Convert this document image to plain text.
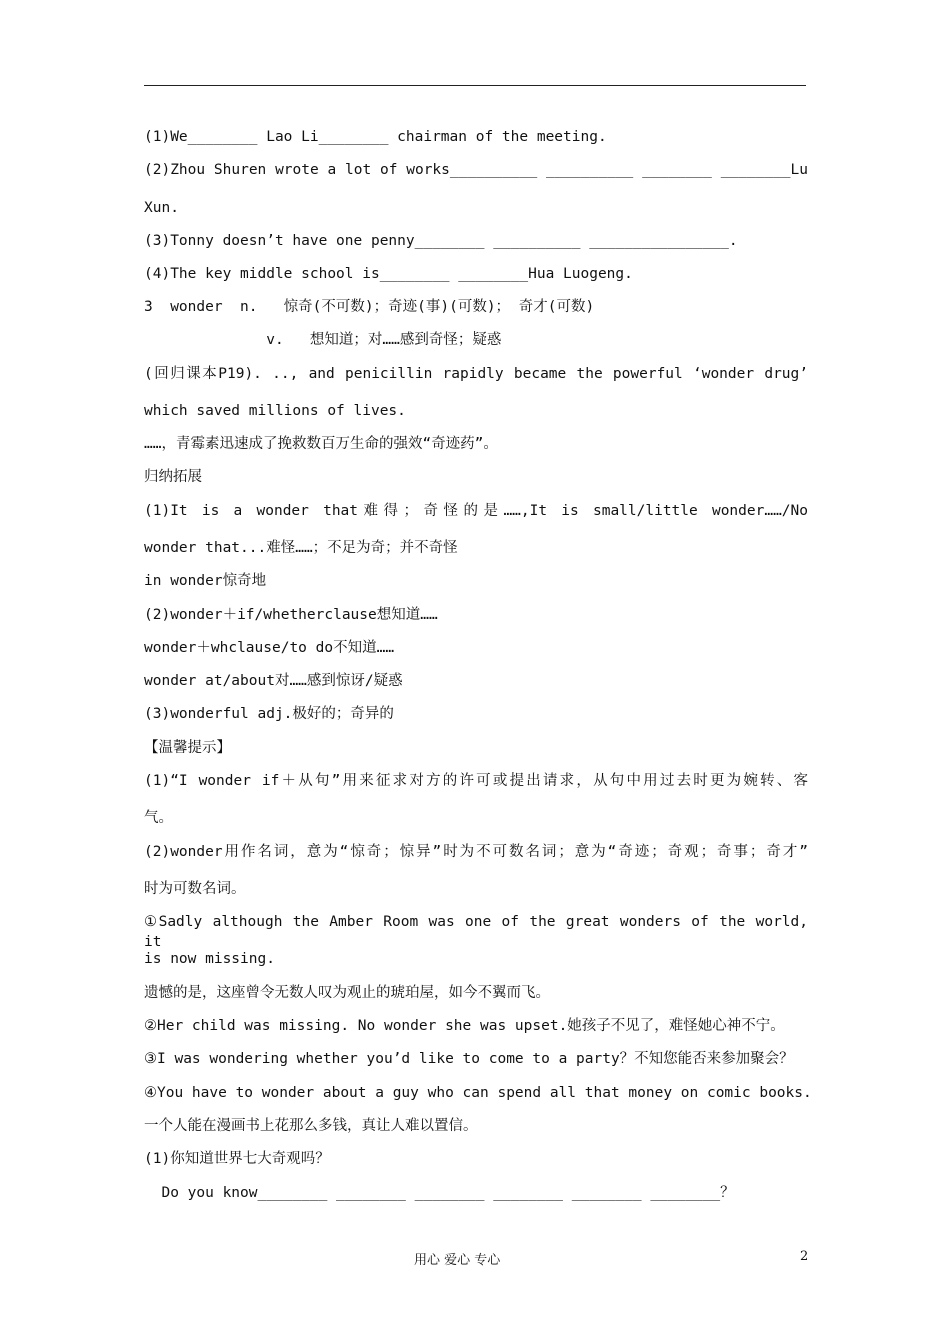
(1)We________ Lao Li________ chairman of the meeting.
(2)Zhou Shuren wrote a lot of works__________ __________ ________ ________Lu
Xun.
(3)Tonny doesn’t have one penny________ __________ ________________.
(4)The key middle school is________ ________Hua Luogeng.
3  wonder  n.   惊奇(不可数)；奇迹(事)(可数)； 奇才(可数)
v.   想知道；对……感到奇怪；疑惑
(回归课本P19). .., and penicillin rapidly became the powerful ‘wonder drug’
which saved millions of lives.
……，青霉素迅速成了挽救数百万生命的强效“奇迹药”。
归纳拓展
(1)It is a wonder that难得；奇怪的是……,It is small/little wonder……/No
wonder that...难怪……；不足为奇；并不奇怪
in wonder惊奇地
(2)wonder＋if/whetherclause想知道……
wonder＋whclause/to do不知道……
wonder at/about对……感到惊讶/疑惑
(3)wonderful adj.极好的；奇异的
【温馨提示】
(1)“I wonder if＋从句”用来征求对方的许可或提出请求，从句中用过去时更为婉转、客
气。
(2)wonder用作名词，意为“惊奇；惊异”时为不可数名词；意为“奇迹；奇观；奇事；奇才”
时为可数名词。
①Sadly although the Amber Room was one of the great wonders of the world, it
is now missing.
遗憾的是，这座曾令无数人叹为观止的琥珀屋，如今不翼而飞。
②Her child was missing. No wonder she was upset.她孩子不见了，难怪她心神不宁。
③I was wondering whether you’d like to come to a party？不知您能否来参加聚会？
④You have to wonder about a guy who can spend all that money on comic books.
一个人能在漫画书上花那么多钱，真让人难以置信。
(1)你知道世界七大奇观吗？
Do you know________ ________ ________ ________ ________ ________？
用心 爱心 专心	2
